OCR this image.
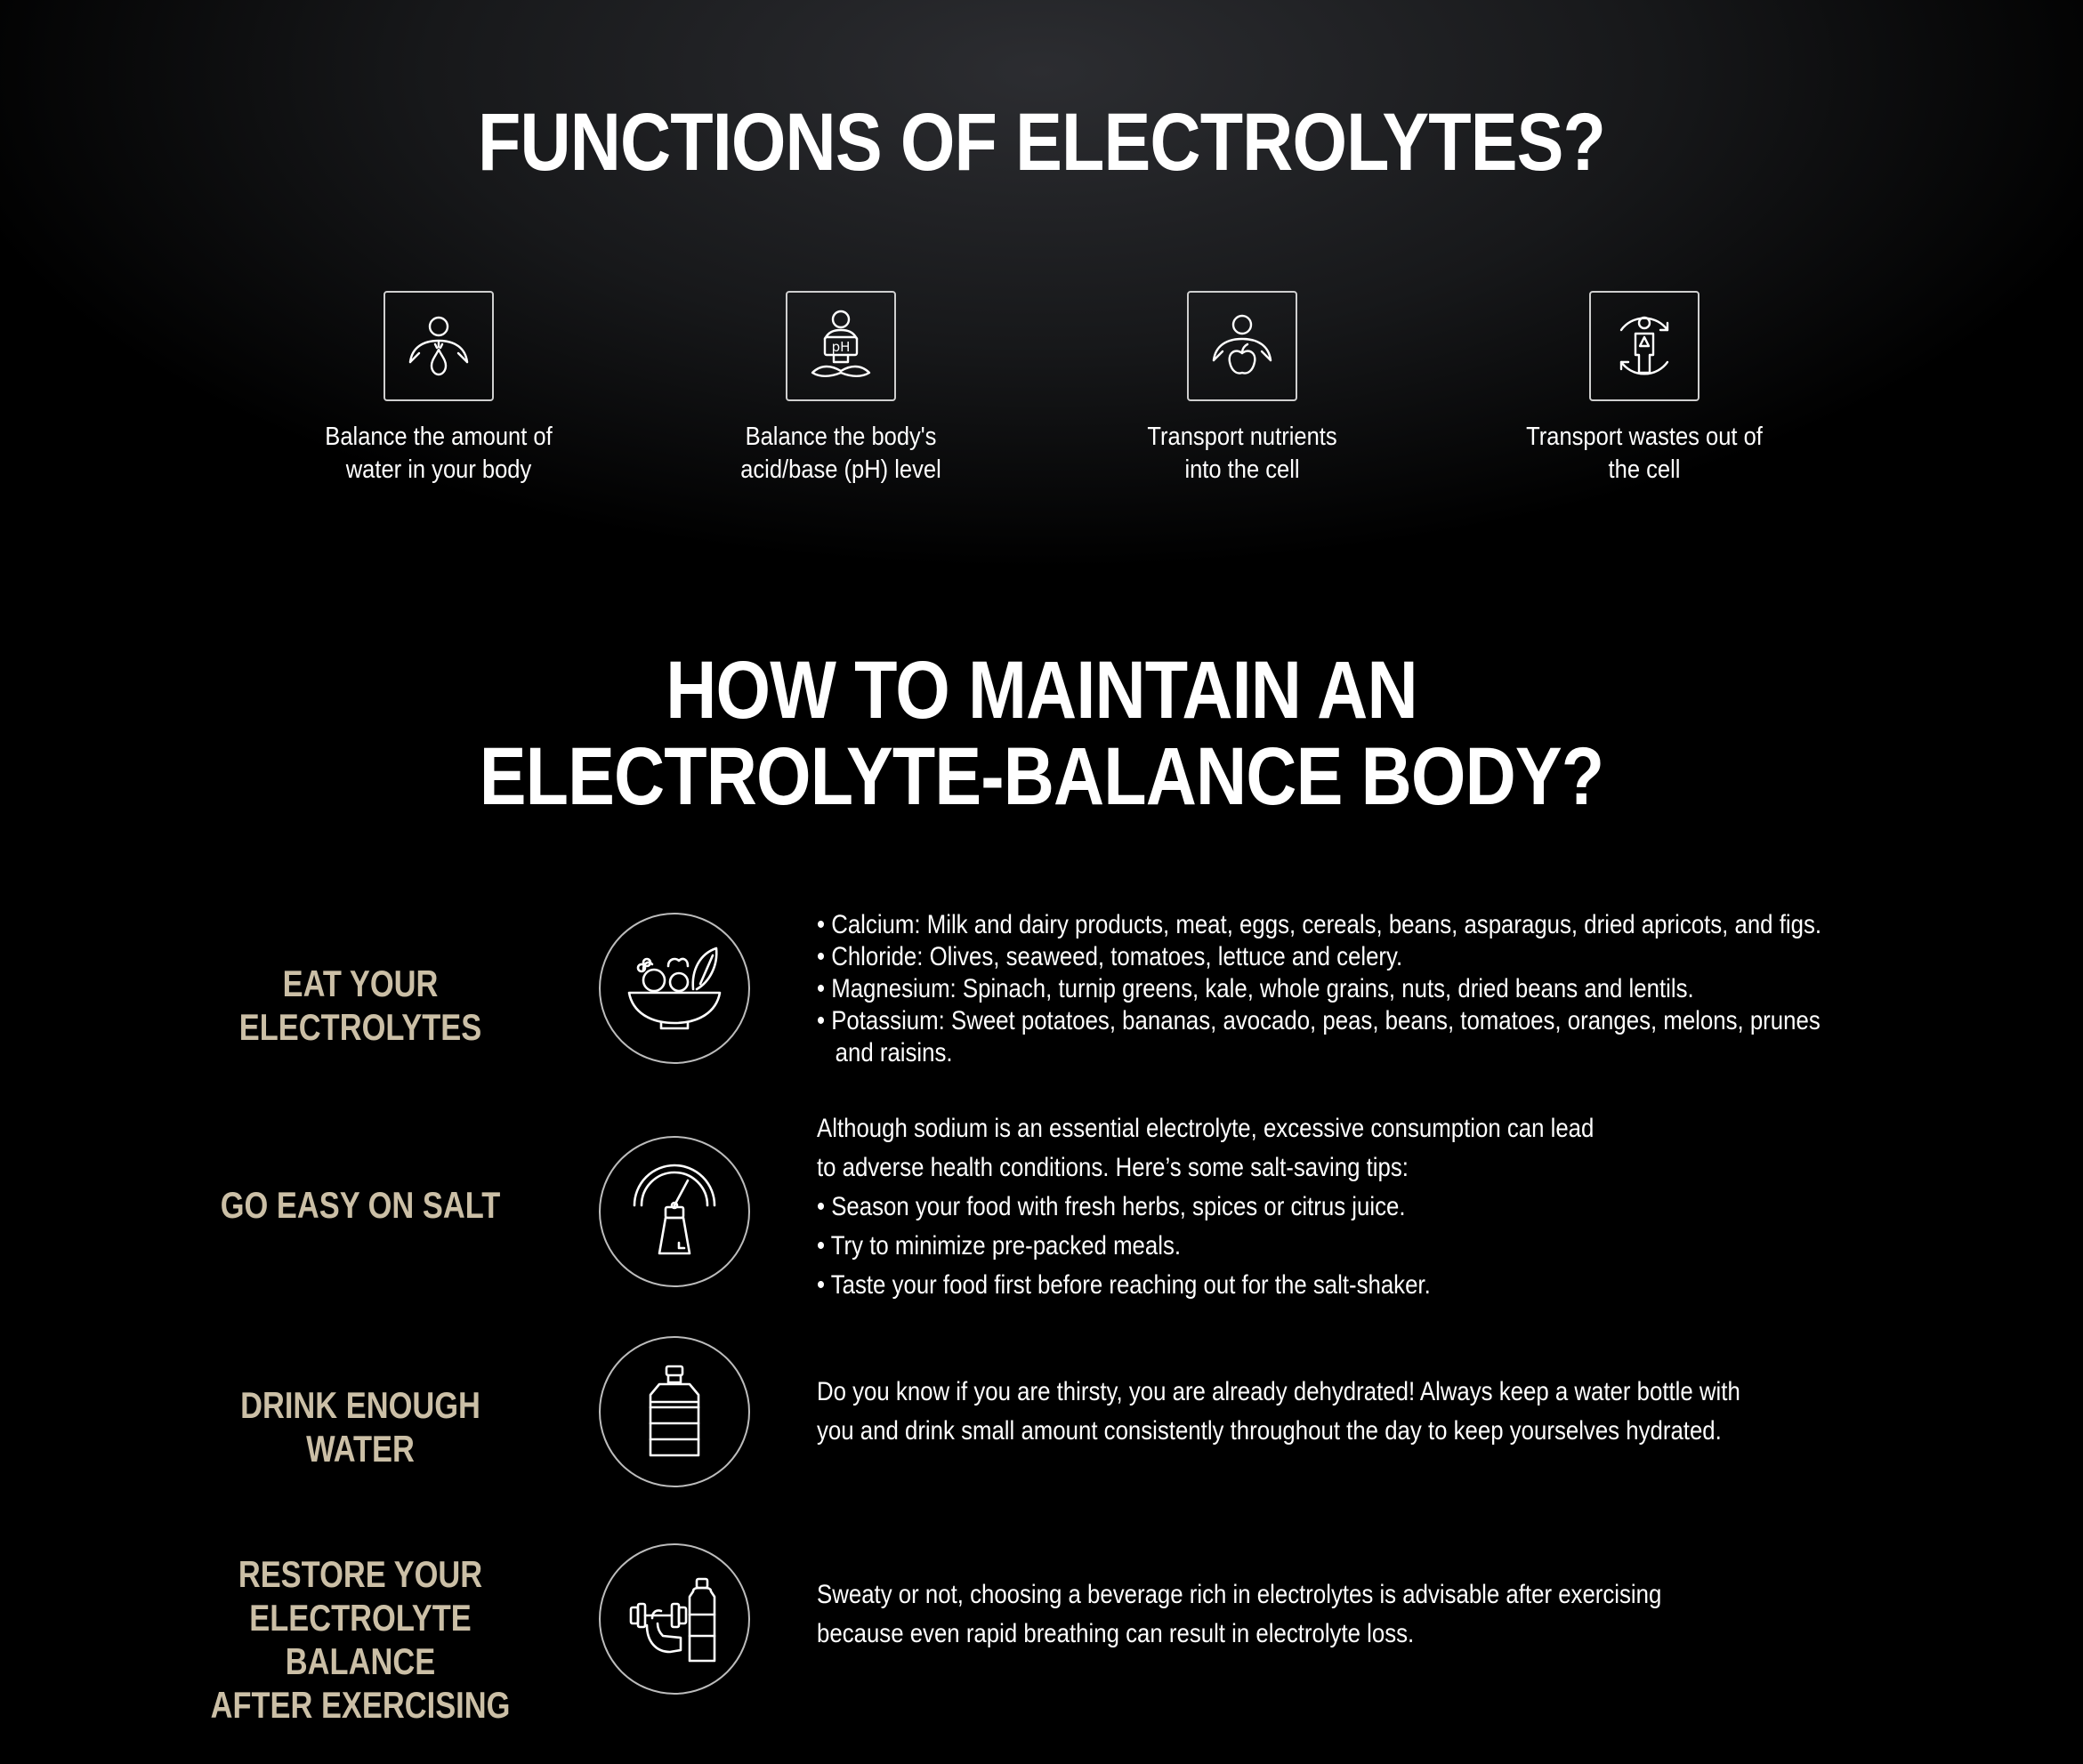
FUNCTIONS OF ELECTROLYTES?
Balance the amount of
water in your body
pH
Balance the body's
acid/base (pH) level
Transport nutrients
into the cell
Transport wastes out of
the cell
HOW TO MAINTAIN AN
ELECTROLYTE-BALANCE BODY?
EAT YOUR ELECTROLYTES

• Calcium: Milk and dairy products, meat, eggs, cereals, beans, asparagus, dried apricots, and figs.

• Chloride: Olives, seaweed, tomatoes, lettuce and celery.

• Magnesium: Spinach, turnip greens, kale, whole grains, nuts, dried beans and lentils.

• Potassium: Sweet potatoes, bananas, avocado, peas, beans, tomatoes, oranges, melons, prunes

and raisins.

GO EASY ON SALT

Although sodium is an essential electrolyte, excessive consumption can lead

to adverse health conditions. Here’s some salt-saving tips:

• Season your food with fresh herbs, spices or citrus juice.

• Try to minimize pre-packed meals.

• Taste your food first before reaching out for the salt-shaker.

DRINK ENOUGH WATER

Do you know if you are thirsty, you are already dehydrated! Always keep a water bottle with

you and drink small amount consistently throughout the day to keep yourselves hydrated.

RESTORE YOUR
ELECTROLYTE BALANCE
AFTER EXERCISING

Sweaty or not, choosing a beverage rich in electrolytes is advisable after exercising

because even rapid breathing can result in electrolyte loss.
